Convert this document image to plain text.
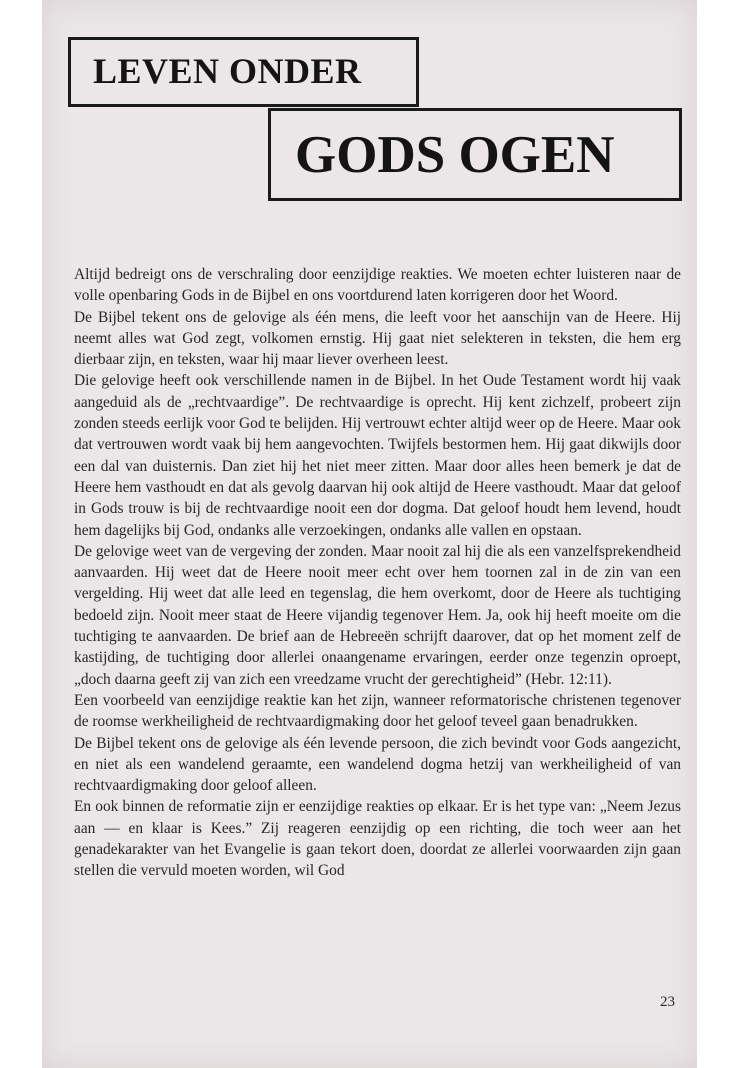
LEVEN ONDER
GODS OGEN

Altijd bedreigt ons de verschraling door eenzijdige reakties. We moeten echter luisteren naar de volle openbaring Gods in de Bijbel en ons voortdurend laten korrigeren door het Woord.

De Bijbel tekent ons de gelovige als één mens, die leeft voor het aanschijn van de Heere. Hij neemt alles wat God zegt, volkomen ernstig. Hij gaat niet selekteren in teksten, die hem erg dierbaar zijn, en teksten, waar hij maar liever overheen leest.

Die gelovige heeft ook verschillende namen in de Bijbel. In het Oude Testament wordt hij vaak aangeduid als de „rechtvaardige”. De rechtvaardige is oprecht. Hij kent zichzelf, probeert zijn zonden steeds eerlijk voor God te belijden. Hij vertrouwt echter altijd weer op de Heere. Maar ook dat vertrouwen wordt vaak bij hem aangevochten. Twijfels bestormen hem. Hij gaat dikwijls door een dal van duisternis. Dan ziet hij het niet meer zitten. Maar door alles heen bemerk je dat de Heere hem vasthoudt en dat als gevolg daarvan hij ook altijd de Heere vasthoudt. Maar dat geloof in Gods trouw is bij de rechtvaardige nooit een dor dogma. Dat geloof houdt hem levend, houdt hem dagelijks bij God, ondanks alle verzoekingen, ondanks alle vallen en opstaan.

De gelovige weet van de vergeving der zonden. Maar nooit zal hij die als een vanzelfsprekendheid aanvaarden. Hij weet dat de Heere nooit meer echt over hem toornen zal in de zin van een vergelding. Hij weet dat alle leed en tegenslag, die hem overkomt, door de Heere als tuchtiging bedoeld zijn. Nooit meer staat de Heere vijandig tegenover Hem. Ja, ook hij heeft moeite om die tuchtiging te aanvaarden. De brief aan de Hebreeën schrijft daarover, dat op het moment zelf de kastijding, de tuchtiging door allerlei onaangename ervaringen, eerder onze tegenzin oproept, „doch daarna geeft zij van zich een vreedzame vrucht der gerechtigheid” (Hebr. 12:11).

Een voorbeeld van eenzijdige reaktie kan het zijn, wanneer reformatorische christenen tegenover de roomse werkheiligheid de rechtvaardigmaking door het geloof teveel gaan benadrukken.

De Bijbel tekent ons de gelovige als één levende persoon, die zich bevindt voor Gods aangezicht, en niet als een wandelend geraamte, een wandelend dogma hetzij van werkheiligheid of van rechtvaardigmaking door geloof alleen.

En ook binnen de reformatie zijn er eenzijdige reakties op elkaar. Er is het type van: „Neem Jezus aan — en klaar is Kees.” Zij reageren eenzijdig op een richting, die toch weer aan het genadekarakter van het Evangelie is gaan tekort doen, doordat ze allerlei voorwaarden zijn gaan stellen die vervuld moeten worden, wil God

23
